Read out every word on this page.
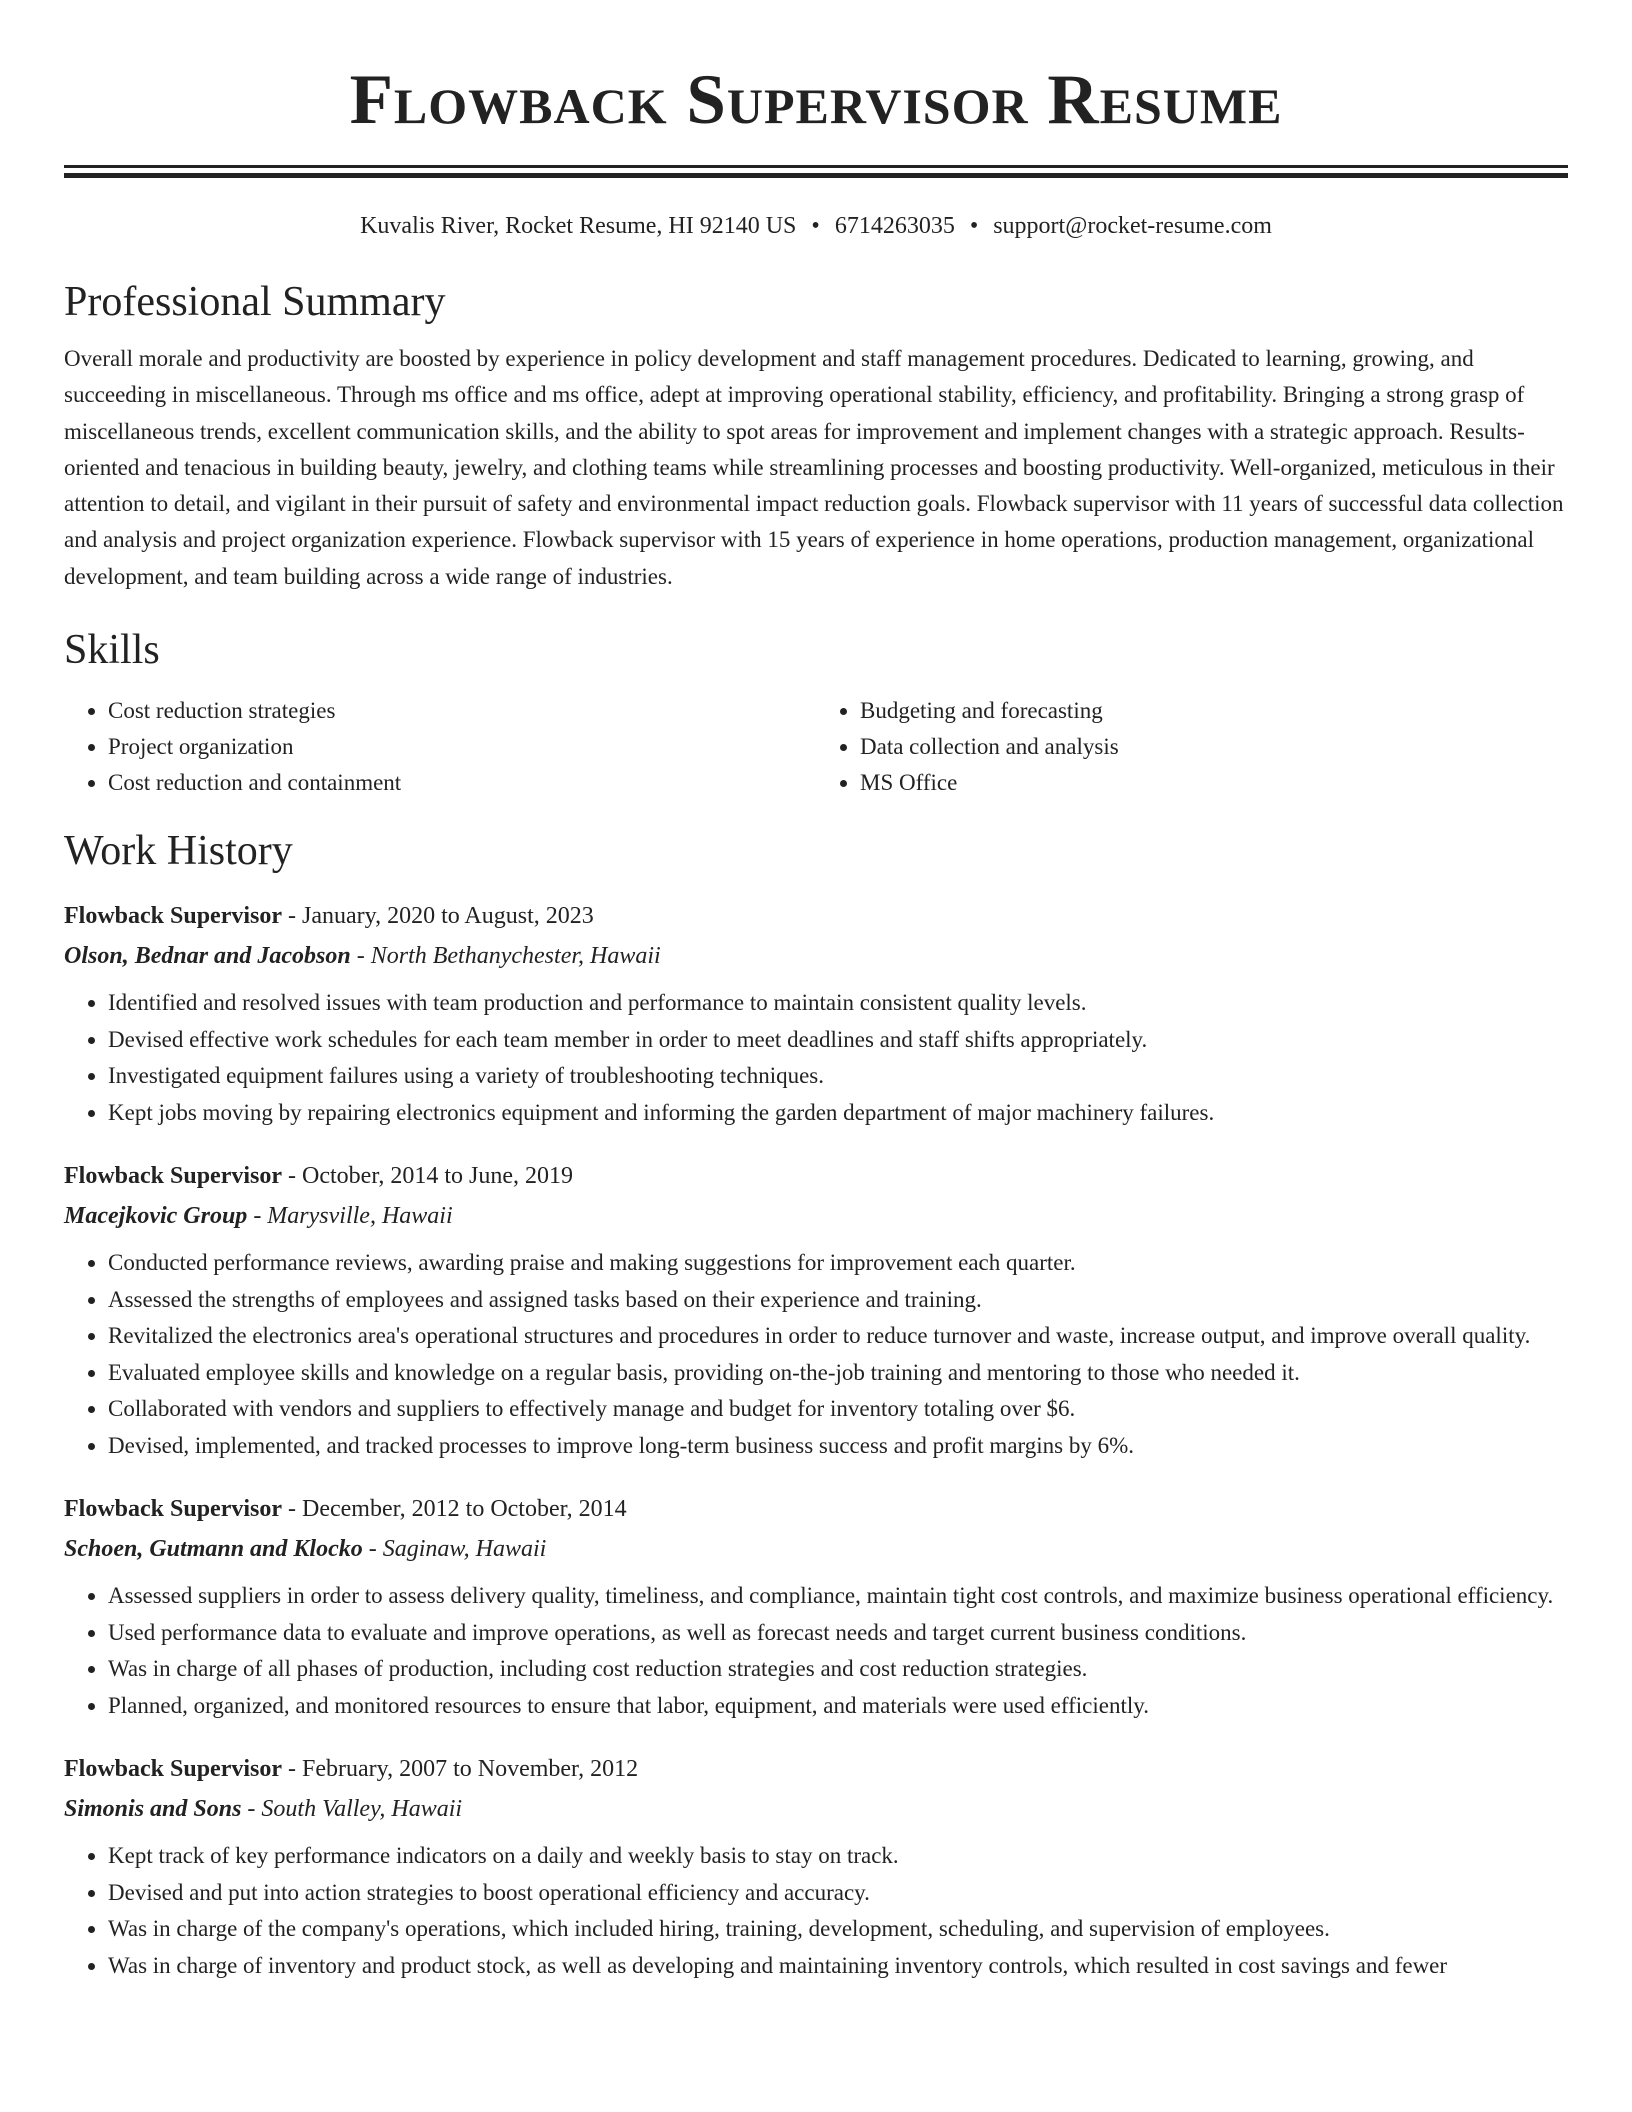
Flowback Supervisor Resume
Kuvalis River, Rocket Resume, HI 92140 US • 6714263035 • support@rocket-resume.com
Professional Summary

Overall morale and productivity are boosted by experience in policy development and staff management procedures. Dedicated to learning, growing, and succeeding in miscellaneous. Through ms office and ms office, adept at improving operational stability, efficiency, and profitability. Bringing a strong grasp of miscellaneous trends, excellent communication skills, and the ability to spot areas for improvement and implement changes with a strategic approach. Results-oriented and tenacious in building beauty, jewelry, and clothing teams while streamlining processes and boosting productivity. Well-organized, meticulous in their attention to detail, and vigilant in their pursuit of safety and environmental impact reduction goals. Flowback supervisor with 11 years of successful data collection and analysis and project organization experience. Flowback supervisor with 15 years of experience in home operations, production management, organizational development, and team building across a wide range of industries.

Skills
• Cost reduction strategies
• Project organization
• Cost reduction and containment
• Budgeting and forecasting
• Data collection and analysis
• MS Office
Work History
Flowback Supervisor - January, 2020 to August, 2023
Olson, Bednar and Jacobson - North Bethanychester, Hawaii
• Identified and resolved issues with team production and performance to maintain consistent quality levels.
• Devised effective work schedules for each team member in order to meet deadlines and staff shifts appropriately.
• Investigated equipment failures using a variety of troubleshooting techniques.
• Kept jobs moving by repairing electronics equipment and informing the garden department of major machinery failures.
Flowback Supervisor - October, 2014 to June, 2019
Macejkovic Group - Marysville, Hawaii
• Conducted performance reviews, awarding praise and making suggestions for improvement each quarter.
• Assessed the strengths of employees and assigned tasks based on their experience and training.
• Revitalized the electronics area's operational structures and procedures in order to reduce turnover and waste, increase output, and improve overall quality.
• Evaluated employee skills and knowledge on a regular basis, providing on-the-job training and mentoring to those who needed it.
• Collaborated with vendors and suppliers to effectively manage and budget for inventory totaling over $6.
• Devised, implemented, and tracked processes to improve long-term business success and profit margins by 6%.
Flowback Supervisor - December, 2012 to October, 2014
Schoen, Gutmann and Klocko - Saginaw, Hawaii
• Assessed suppliers in order to assess delivery quality, timeliness, and compliance, maintain tight cost controls, and maximize business operational efficiency.
• Used performance data to evaluate and improve operations, as well as forecast needs and target current business conditions.
• Was in charge of all phases of production, including cost reduction strategies and cost reduction strategies.
• Planned, organized, and monitored resources to ensure that labor, equipment, and materials were used efficiently.
Flowback Supervisor - February, 2007 to November, 2012
Simonis and Sons - South Valley, Hawaii
• Kept track of key performance indicators on a daily and weekly basis to stay on track.
• Devised and put into action strategies to boost operational efficiency and accuracy.
• Was in charge of the company's operations, which included hiring, training, development, scheduling, and supervision of employees.
• Was in charge of inventory and product stock, as well as developing and maintaining inventory controls, which resulted in cost savings and fewer
